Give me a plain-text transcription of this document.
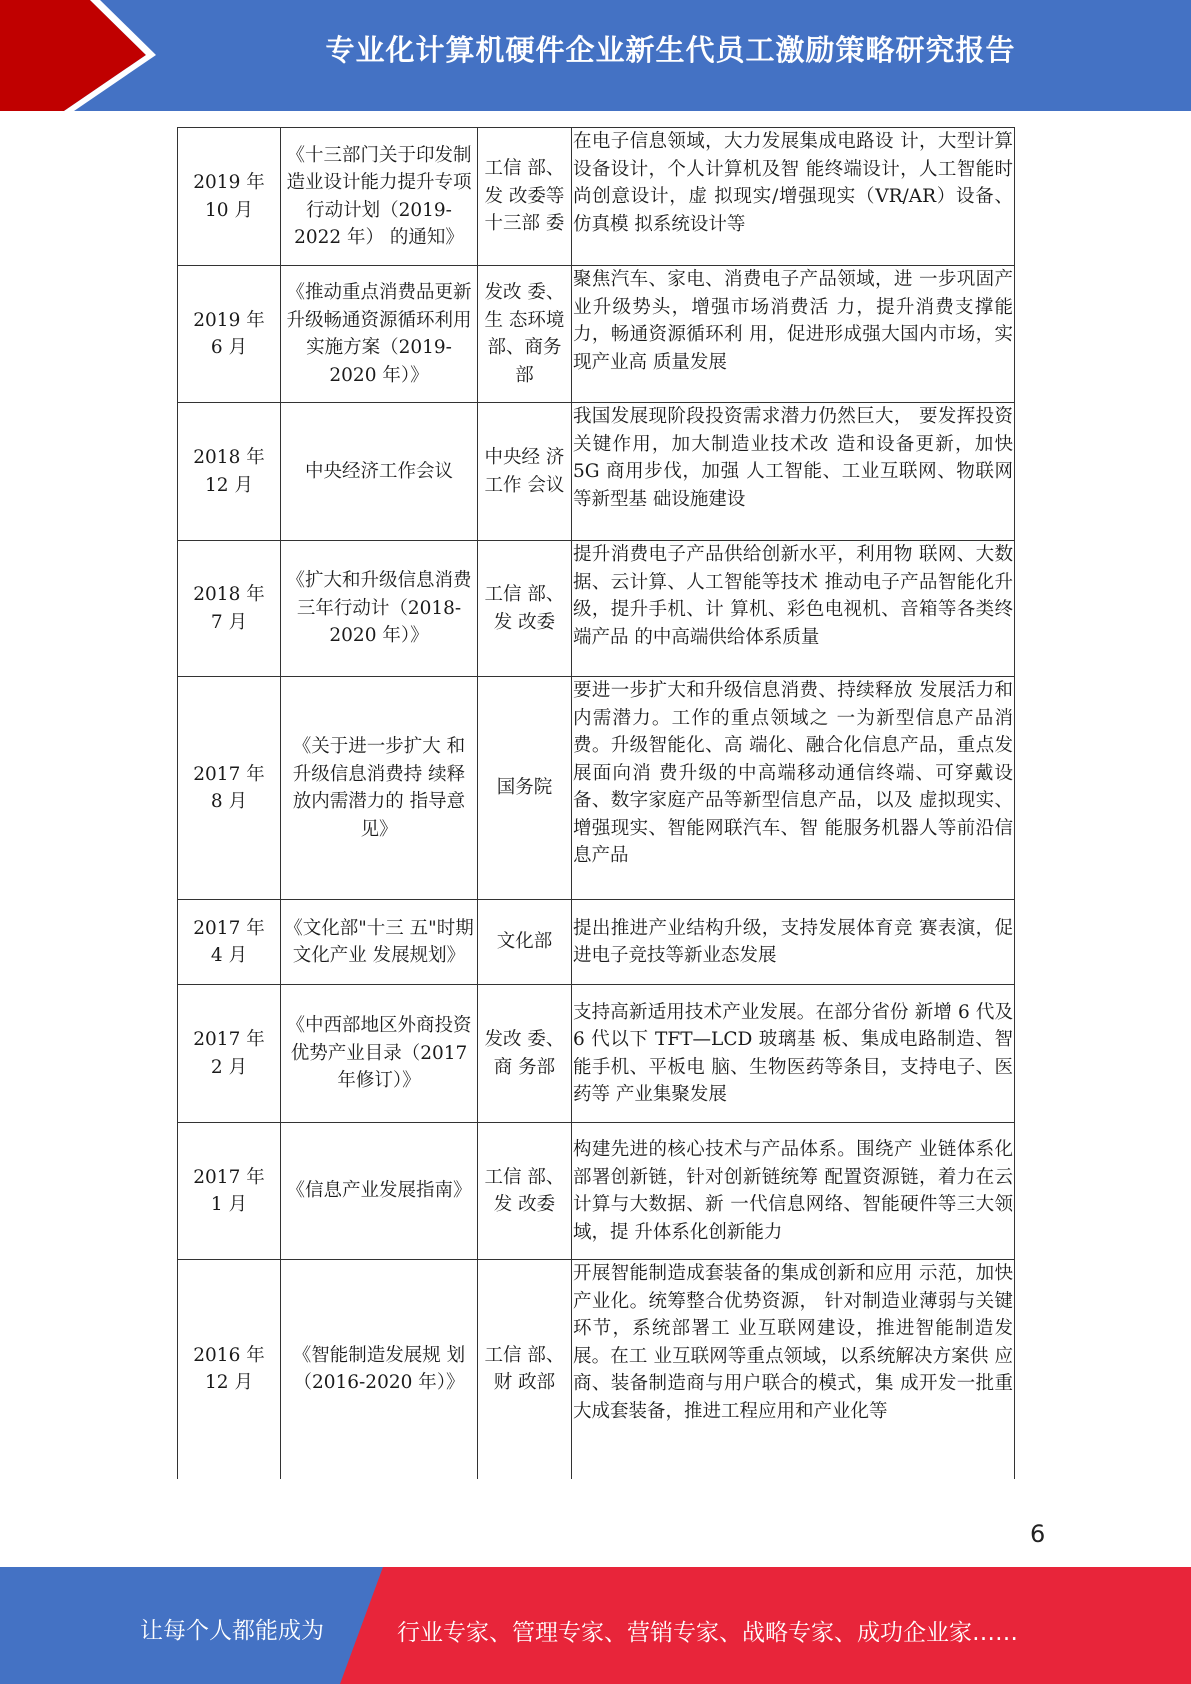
专业化计算机硬件企业新生代员工激励策略研究报告
2019 年
10 月	《十三部门关于印发制造业设计能力提升专项行动计划（2019-2022 年） 的通知》	工信 部、发 改委等十三部 委	在电子信息领域，大力发展集成电路设 计，大型计算设备设计，个人计算机及智 能终端设计，人工智能时尚创意设计，虚 拟现实/增强现实（VR/AR）设备、仿真模 拟系统设计等
2019 年
6 月	《推动重点消费品更新升级畅通资源循环利用实施方案（2019-2020 年）》	发改 委、生 态环境部、商务部	聚焦汽车、家电、消费电子产品领域，进 一步巩固产业升级势头，增强市场消费活 力，提升消费支撑能力，畅通资源循环利 用，促进形成强大国内市场，实现产业高 质量发展
2018 年
12 月	中央经济工作会议	中央经 济工作 会议	我国发展现阶段投资需求潜力仍然巨大， 要发挥投资关键作用，加大制造业技术改 造和设备更新，加快 5G 商用步伐，加强 人工智能、工业互联网、物联网等新型基 础设施建设
2018 年
7 月	《扩大和升级信息消费三年行动计（2018-2020 年）》	工信 部、发 改委	提升消费电子产品供给创新水平，利用物 联网、大数据、云计算、人工智能等技术 推动电子产品智能化升级，提升手机、计 算机、彩色电视机、音箱等各类终端产品 的中高端供给体系质量
2017 年
8 月	《关于进一步扩大 和升级信息消费持 续释放内需潜力的 指导意见》	国务院	要进一步扩大和升级信息消费、持续释放 发展活力和内需潜力。工作的重点领域之 一为新型信息产品消费。升级智能化、高 端化、融合化信息产品，重点发展面向消 费升级的中高端移动通信终端、可穿戴设 备、数字家庭产品等新型信息产品，以及 虚拟现实、增强现实、智能网联汽车、智 能服务机器人等前沿信息产品
2017 年
4 月	《文化部"十三 五"时期文化产业 发展规划》	文化部	提出推进产业结构升级，支持发展体育竞 赛表演，促进电子竞技等新业态发展
2017 年
2 月	《中西部地区外商投资优势产业目录（2017 年修订）》	发改 委、商 务部	支持高新适用技术产业发展。在部分省份 新增 6 代及 6 代以下 TFT—LCD 玻璃基 板、集成电路制造、智能手机、平板电 脑、生物医药等条目，支持电子、医药等 产业集聚发展
2017 年
1 月	《信息产业发展指南》	工信 部、发 改委	构建先进的核心技术与产品体系。围绕产 业链体系化部署创新链，针对创新链统筹 配置资源链，着力在云计算与大数据、新 一代信息网络、智能硬件等三大领域，提 升体系化创新能力
2016 年
12 月	《智能制造发展规 划（2016-2020 年）》	工信 部、财 政部	开展智能制造成套装备的集成创新和应用 示范，加快产业化。统筹整合优势资源， 针对制造业薄弱与关键环节，系统部署工 业互联网建设，推进智能制造发展。在工 业互联网等重点领域，以系统解决方案供 应商、装备制造商与用户联合的模式，集 成开发一批重大成套装备，推进工程应用和产业化等
6
让每个人都能成为	行业专家、管理专家、营销专家、战略专家、成功企业家……
